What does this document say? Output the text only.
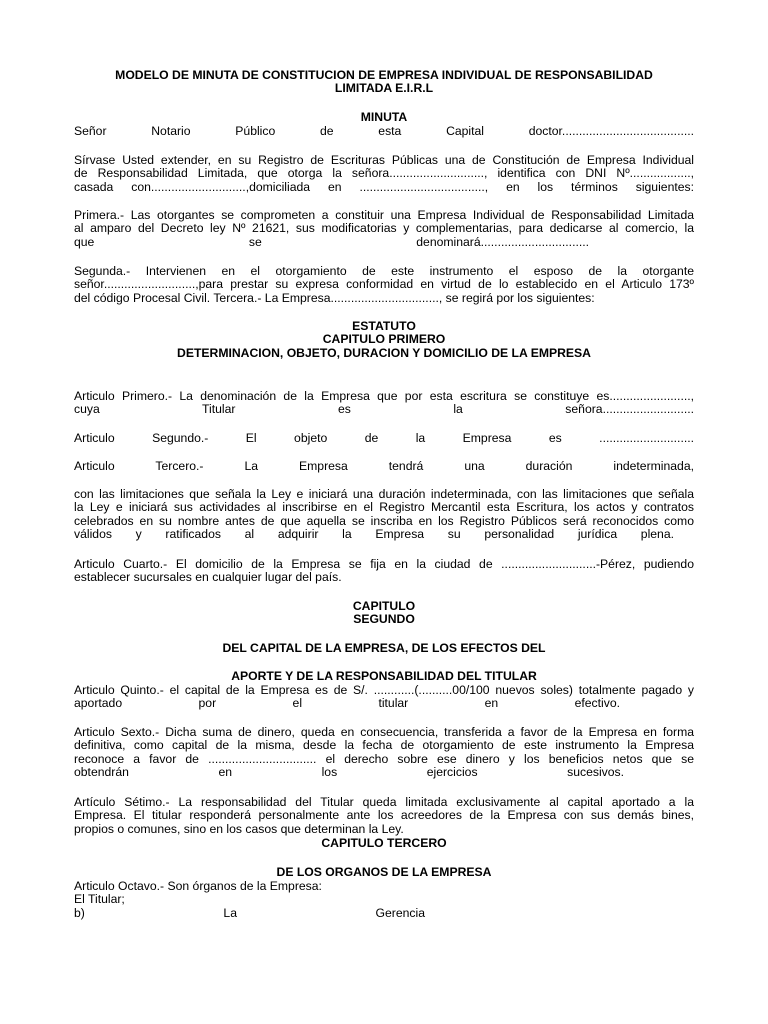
MODELO DE MINUTA DE CONSTITUCION DE EMPRESA INDIVIDUAL DE RESPONSABILIDAD
LIMITADA E.I.R.L
MINUTA
Señor Notario Público de esta Capital doctor.......................................
Sírvase Usted extender, en su Registro de Escrituras Públicas una de Constitución de Empresa Individual
de Responsabilidad Limitada, que otorga la señora............................, identifica con DNI Nº..................,
casada con............................,domiciliada en ....................................., en los términos siguientes:
Primera.- Las otorgantes se comprometen a constituir una Empresa Individual de Responsabilidad Limitada
al amparo del Decreto ley Nº 21621, sus modificatorias y complementarias, para dedicarse al comercio, la
que se denominará................................
Segunda.- Intervienen en el otorgamiento de este instrumento el esposo de la otorgante
señor...........................,para prestar su expresa conformidad en virtud de lo establecido en el Articulo 173º
del código Procesal Civil. Tercera.- La Empresa................................, se regirá por los siguientes:
ESTATUTO
CAPITULO PRIMERO
DETERMINACION, OBJETO, DURACION Y DOMICILIO DE LA EMPRESA
Articulo Primero.- La denominación de la Empresa que por esta escritura se constituye es........................,
cuya Titular es la señora...........................
Articulo Segundo.- El objeto de la Empresa es ............................
Articulo Tercero.- La Empresa tendrá una duración indeterminada,
con las limitaciones que señala la Ley e iniciará una duración indeterminada, con las limitaciones que señala
la Ley e iniciará sus actividades al inscribirse en el Registro Mercantil esta Escritura, los actos y contratos
celebrados en su nombre antes de que aquella se inscriba en los Registro Públicos será reconocidos como
válidos y ratificados al adquirir la Empresa su personalidad jurídica plena.
Articulo Cuarto.- El domicilio de la Empresa se fija en la ciudad de ............................-Pérez, pudiendo
establecer sucursales en cualquier lugar del país.
CAPITULO
SEGUNDO
DEL CAPITAL DE LA EMPRESA, DE LOS EFECTOS DEL
APORTE Y DE LA RESPONSABILIDAD DEL TITULAR
Articulo Quinto.- el capital de la Empresa es de S/. ............(..........00/100 nuevos soles) totalmente pagado y
aportado por el titular en efectivo.
Articulo Sexto.- Dicha suma de dinero, queda en consecuencia, transferida a favor de la Empresa en forma
definitiva, como capital de la misma, desde la fecha de otorgamiento de este instrumento la Empresa
reconoce a favor de ................................ el derecho sobre ese dinero y los beneficios netos que se
obtendrán en los ejercicios sucesivos.
Artículo Sétimo.- La responsabilidad del Titular queda limitada exclusivamente al capital aportado a la
Empresa. El titular responderá personalmente ante los acreedores de la Empresa con sus demás bines,
propios o comunes, sino en los casos que determinan la Ley.
CAPITULO TERCERO
DE LOS ORGANOS DE LA EMPRESA
Articulo Octavo.- Son órganos de la Empresa:
El Titular;
b) La Gerencia
